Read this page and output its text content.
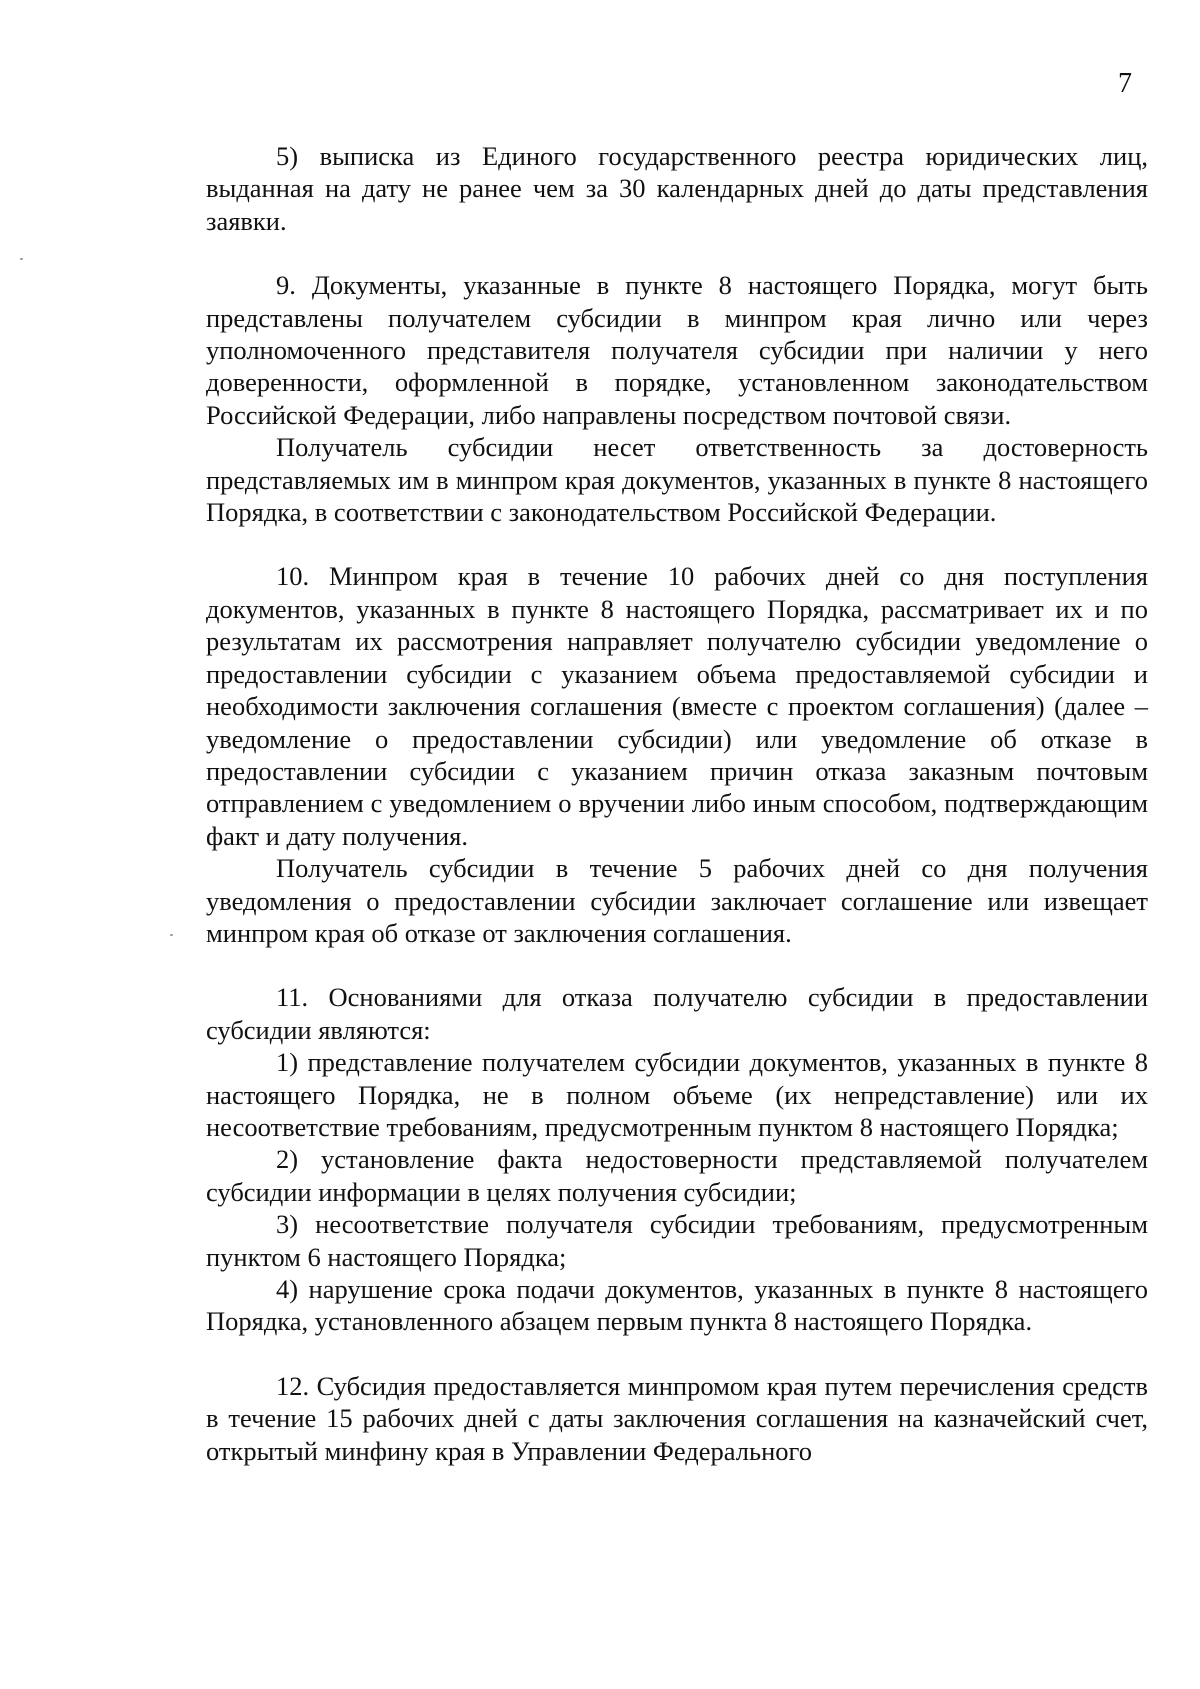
7

5) выписка из Единого государственного реестра юридических лиц, выданная на дату не ранее чем за 30 календарных дней до даты представления заявки.

9. Документы, указанные в пункте 8 настоящего Порядка, могут быть представлены получателем субсидии в минпром края лично или через уполномоченного представителя получателя субсидии при наличии у него доверенности, оформленной в порядке, установленном законодательством Российской Федерации, либо направлены посредством почтовой связи.

Получатель субсидии несет ответственность за достоверность представляемых им в минпром края документов, указанных в пункте 8 настоящего Порядка, в соответствии с законодательством Российской Федерации.

10. Минпром края в течение 10 рабочих дней со дня поступления документов, указанных в пункте 8 настоящего Порядка, рассматривает их и по результатам их рассмотрения направляет получателю субсидии уведомление о предоставлении субсидии с указанием объема предоставляемой субсидии и необходимости заключения соглашения (вместе с проектом соглашения) (далее – уведомление о предоставлении субсидии) или уведомление об отказе в предоставлении субсидии с указанием причин отказа заказным почтовым отправлением с уведомлением о вручении либо иным способом, подтверждающим факт и дату получения.

Получатель субсидии в течение 5 рабочих дней со дня получения уведомления о предоставлении субсидии заключает соглашение или извещает минпром края об отказе от заключения соглашения.

11. Основаниями для отказа получателю субсидии в предоставлении субсидии являются:

1) представление получателем субсидии документов, указанных в пункте 8 настоящего Порядка, не в полном объеме (их непредставление) или их несоответствие требованиям, предусмотренным пунктом 8 настоящего Порядка;

2) установление факта недостоверности представляемой получателем субсидии информации в целях получения субсидии;

3) несоответствие получателя субсидии требованиям, предусмотренным пунктом 6 настоящего Порядка;

4) нарушение срока подачи документов, указанных в пункте 8 настоящего Порядка, установленного абзацем первым пункта 8 настоящего Порядка.

12. Субсидия предоставляется минпромом края путем перечисления средств в течение 15 рабочих дней с даты заключения соглашения на казначейский счет, открытый минфину края в Управлении Федерального
